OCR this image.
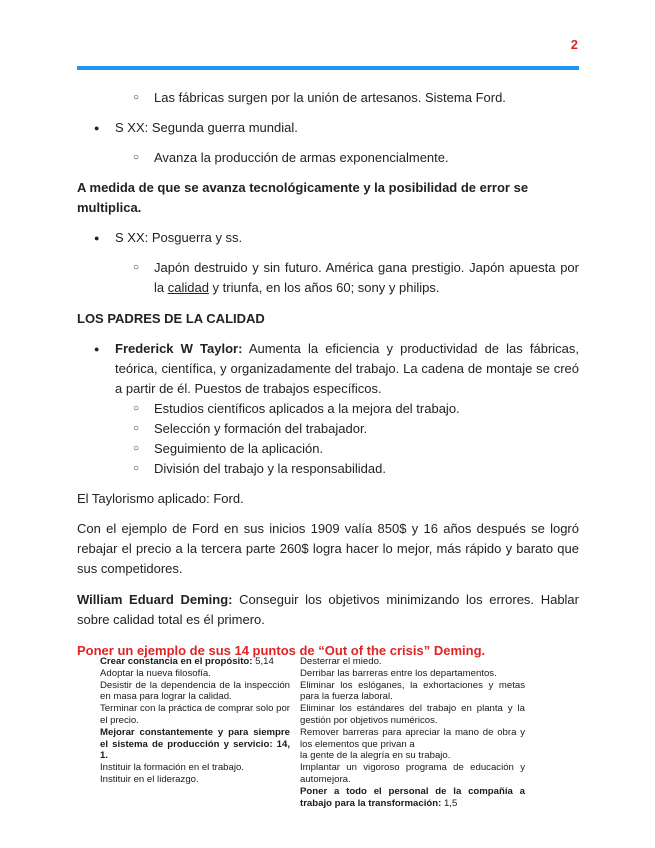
2
○ Las fábricas surgen por la unión de artesanos. Sistema Ford.
● S XX: Segunda guerra mundial.
○ Avanza la producción de armas exponencialmente.

A medida de que se avanza tecnológicamente y la posibilidad de error se multiplica.

● S XX: Posguerra y ss.
○ Japón destruido y sin futuro. América gana prestigio. Japón apuesta por la calidad y triunfa, en los años 60; sony y philips.

LOS PADRES DE LA CALIDAD

● Frederick W Taylor: Aumenta la eficiencia y productividad de las fábricas, teórica, científica, y organizadamente del trabajo. La cadena de montaje se creó a partir de él. Puestos de trabajos específicos.
○ Estudios científicos aplicados a la mejora del trabajo.
○ Selección y formación del trabajador.
○ Seguimiento de la aplicación.
○ División del trabajo y la responsabilidad.

El Taylorismo aplicado: Ford.

Con el ejemplo de Ford en sus inicios 1909 valía 850$ y 16 años después se logró rebajar el precio a la tercera parte 260$ logra hacer lo mejor, más rápido y barato que sus competidores.

William Eduard Deming: Conseguir los objetivos minimizando los errores. Hablar sobre calidad total es él primero.

Poner un ejemplo de sus 14 puntos de “Out of the crisis” Deming.

Crear constancia en el propósito: 5,14

Adoptar la nueva filosofía.

Desistir de la dependencia de la inspección en masa para lograr la calidad.

Terminar con la práctica de comprar solo por el precio.

Mejorar constantemente y para siempre el sistema de producción y servicio: 14, 1.

Instituir la formación en el trabajo.

Instituir en el liderazgo.

Desterrar el miedo.

Derribar las barreras entre los departamentos.

Eliminar los eslóganes, la exhortaciones y metas para la fuerza laboral.

Eliminar los estándares del trabajo en planta y la gestión por objetivos numéricos.

Remover barreras para apreciar la mano de obra y los elementos que privan a

la gente de la alegría en su trabajo.

Implantar un vigoroso programa de educación y automejora.

Poner a todo el personal de la compañía a trabajo para la transformación: 1,5
